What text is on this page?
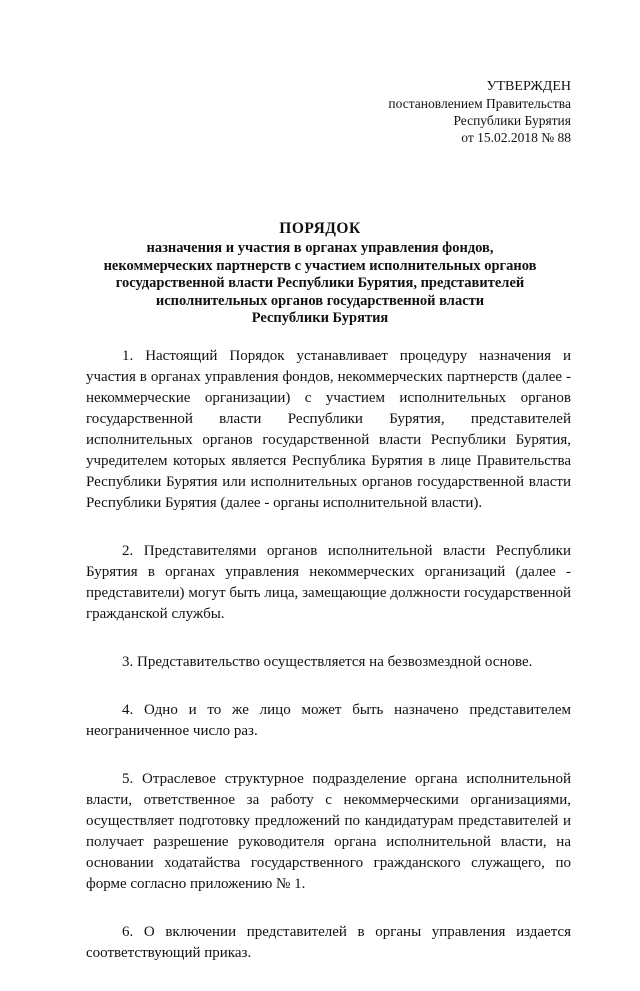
УТВЕРЖДЕН
постановлением Правительства
Республики Бурятия
от 15.02.2018 № 88
ПОРЯДОК
назначения и участия в органах управления фондов,
некоммерческих партнерств с участием исполнительных органов
государственной власти Республики Бурятия, представителей
исполнительных органов государственной власти
Республики Бурятия

1. Настоящий Порядок устанавливает процедуру назначения и участия в органах управления фондов, некоммерческих партнерств (далее - некоммерческие организации) с участием исполнительных органов государственной власти Республики Бурятия, представителей исполнительных органов государственной власти Республики Бурятия, учредителем которых является Республика Бурятия в лице Правительства Республики Бурятия или исполнительных органов государственной власти Республики Бурятия (далее - органы исполнительной власти).

2. Представителями органов исполнительной власти Республики Бурятия в органах управления некоммерческих организаций (далее - представители) могут быть лица, замещающие должности государственной гражданской службы.

3. Представительство осуществляется на безвозмездной основе.

4. Одно и то же лицо может быть назначено представителем неограниченное число раз.

5. Отраслевое структурное подразделение органа исполнительной власти, ответственное за работу с некоммерческими организациями, осуществляет подготовку предложений по кандидатурам представителей и получает разрешение руководителя органа исполнительной власти, на основании ходатайства государственного гражданского служащего, по форме согласно приложению № 1.

6. О включении представителей в органы управления издается соответствующий приказ.
